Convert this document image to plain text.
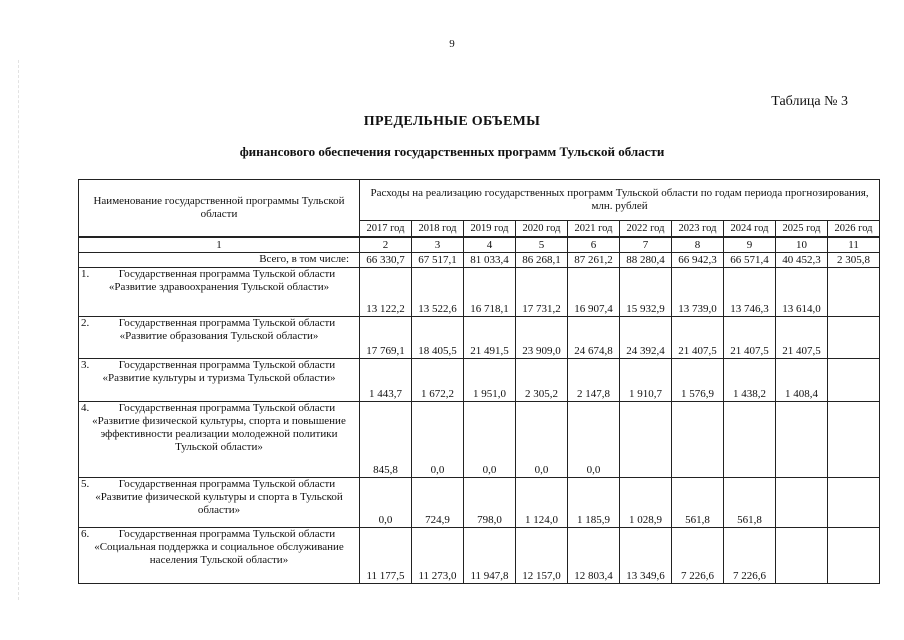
9
Таблица № 3
ПРЕДЕЛЬНЫЕ ОБЪЕМЫ
финансового обеспечения государственных программ Тульской области
Наименование государственной программы Тульской области	Расходы на реализацию государственных программ Тульской области по годам периода прогнозирования, млн. рублей									
	2017 год	2018 год	2019 год	2020 год	2021 год	2022 год	2023 год	2024 год	2025 год	2026 год
1	2	3	4	5	6	7	8	9	10	11
Всего, в том числе:	66 330,7	67 517,1	81 033,4	86 268,1	87 261,2	88 280,4	66 942,3	66 571,4	40 452,3	2 305,8

1. Государственная программа Тульской области «Развитие здравоохранения Тульской области»	13 122,2	13 522,6	16 718,1	17 731,2	16 907,4	15 932,9	13 739,0	13 746,3	13 614,0	

2. Государственная программа Тульской области «Развитие образования Тульской области»	17 769,1	18 405,5	21 491,5	23 909,0	24 674,8	24 392,4	21 407,5	21 407,5	21 407,5	

3. Государственная программа Тульской области «Развитие культуры и туризма Тульской области»	1 443,7	1 672,2	1 951,0	2 305,2	2 147,8	1 910,7	1 576,9	1 438,2	1 408,4	

4. Государственная программа Тульской области «Развитие физической культуры, спорта и повышение эффективности реализации молодежной политики Тульской области»	845,8	0,0	0,0	0,0	0,0					

5. Государственная программа Тульской области «Развитие физической культуры и спорта в Тульской области»	0,0	724,9	798,0	1 124,0	1 185,9	1 028,9	561,8	561,8		

6. Государственная программа Тульской области «Социальная поддержка и социальное обслуживание населения Тульской области»	11 177,5	11 273,0	11 947,8	12 157,0	12 803,4	13 349,6	7 226,6	7 226,6		
